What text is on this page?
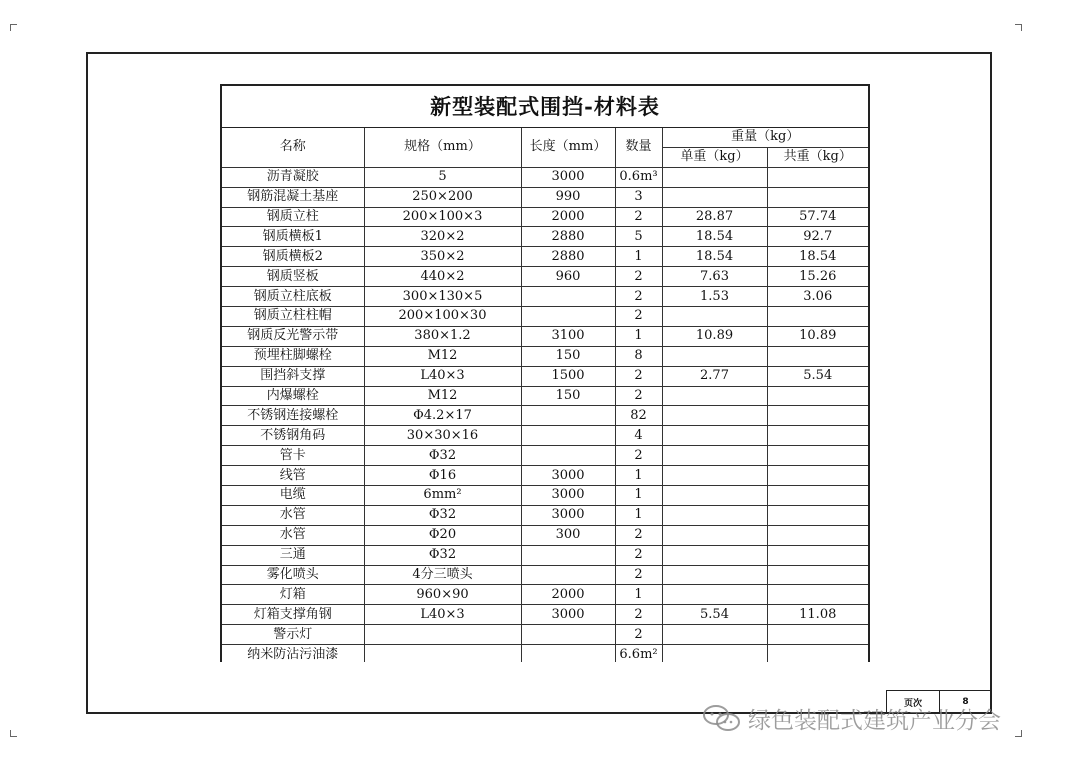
新型装配式围挡-材料表
名称	规格（mm）	长度（mm）	数量	重量（kg）	
				单重（kg）	共重（kg）
沥青凝胶	5	3000	0.6m³		
钢筋混凝土基座	250×200	990	3		
钢质立柱	200×100×3	2000	2	28.87	57.74
钢质横板1	320×2	2880	5	18.54	92.7
钢质横板2	350×2	2880	1	18.54	18.54
钢质竖板	440×2	960	2	7.63	15.26
钢质立柱底板	300×130×5		2	1.53	3.06
钢质立柱柱帽	200×100×30		2		
钢质反光警示带	380×1.2	3100	1	10.89	10.89
预埋柱脚螺栓	M12	150	8		
围挡斜支撑	L40×3	1500	2	2.77	5.54
内爆螺栓	M12	150	2		
不锈钢连接螺栓	Φ4.2×17		82		
不锈钢角码	30×30×16		4		
管卡	Φ32		2		
线管	Φ16	3000	1		
电缆	6mm²	3000	1		
水管	Φ32	3000	1		
水管	Φ20	300	2		
三通	Φ32		2		
雾化喷头	4分三喷头		2		
灯箱	960×90	2000	1		
灯箱支撑角钢	L40×3	3000	2	5.54	11.08
警示灯			2		
纳米防沾污油漆			6.6m²		
页次	8
绿色装配式建筑产业分会
